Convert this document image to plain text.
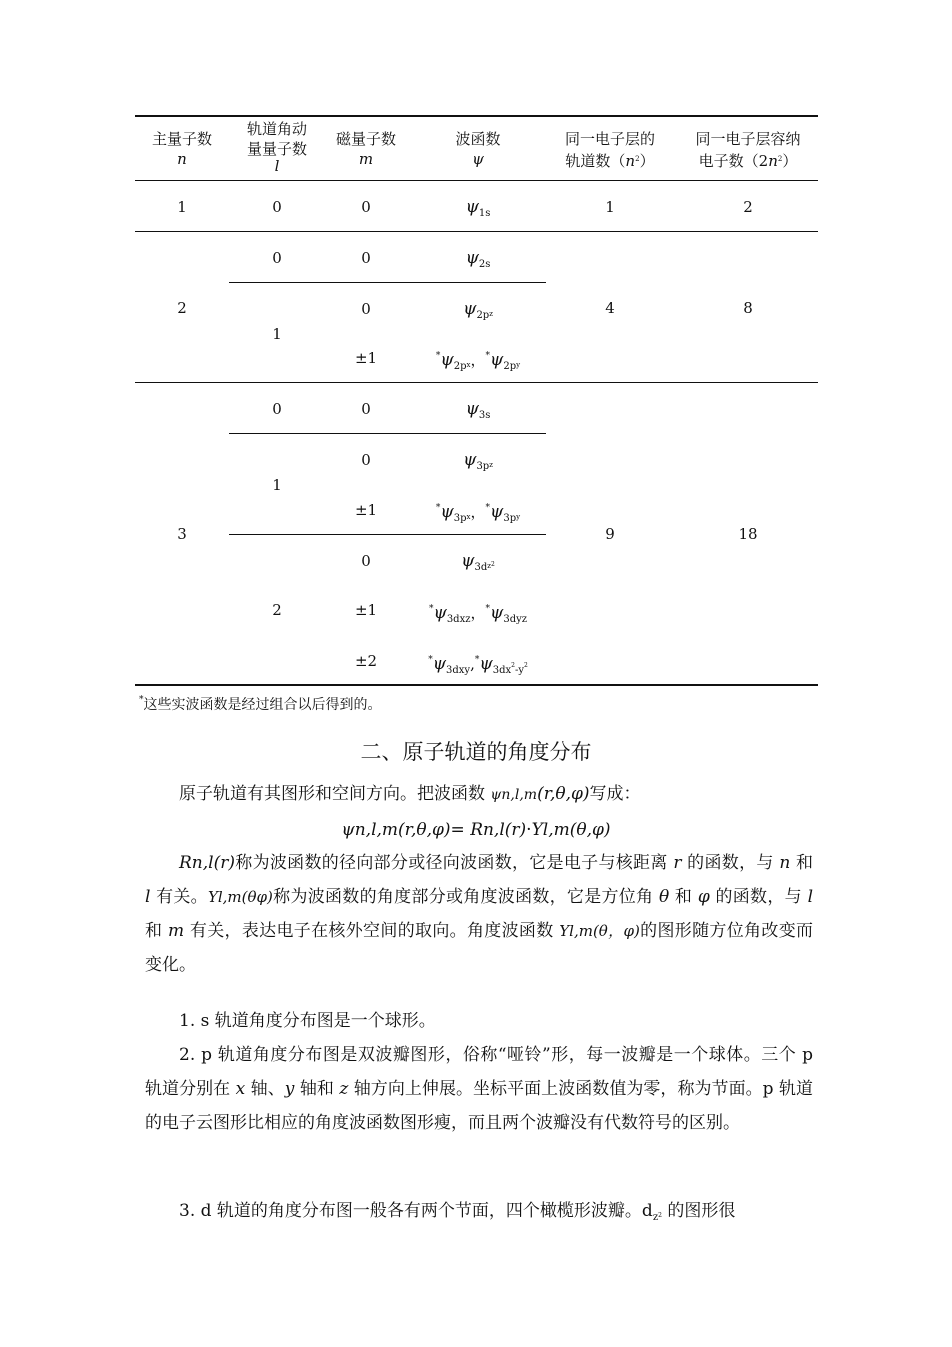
主量子数
n
轨道角动
量量子数
l
磁量子数
m
波函数
ψ
同一电子层的
轨道数$(n^2)$
同一电子层容纳
电子数$(2n^2)$
1
2
3
0
0
1
0
1
2
0
0
0
±1
0
0
±1
0
±1
±2
$\psi_{1s}$
$\psi_{2s}$
$\psi_{2pz}$
$^*\psi_{2px}$，$^*\psi_{2py}$
$\psi_{3s}$
$\psi_{3pz}$
$^*\psi_{3px}$，$^*\psi_{3py}$
$\psi_{3dz}2$
$^*\psi_{3dxz}$，$^*\psi_{3dyz}$
$^*\psi_{3dxy},^*\psi_{3dx}2_{-y}2$
1
4
9
2
8
18
*这些实波函数是经过组合以后得到的。
二、原子轨道的角度分布
原子轨道有其图形和空间方向。把波函数 ψn,l,m(r,θ,φ)写成：
ψn,l,m(r,θ,φ)= Rn,l(r)·Yl,m(θ,φ)
Rn,l(r)称为波函数的径向部分或径向波函数，它是电子与核距离 r 的函数，与 n 和 l 有关。Yl,m(θφ)称为波函数的角度部分或角度波函数，它是方位角 θ 和 φ 的函数，与 l 和 m 有关，表达电子在核外空间的取向。角度波函数 Yl,m(θ，φ)的图形随方位角改变而变化。
1. s 轨道角度分布图是一个球形。
2. p 轨道角度分布图是双波瓣图形，俗称“哑铃”形，每一波瓣是一个球体。三个 p 轨道分别在 x 轴、y 轴和 z 轴方向上伸展。坐标平面上波函数值为零，称为节面。p 轨道的电子云图形比相应的角度波函数图形瘦，而且两个波瓣没有代数符号的区别。
3. d 轨道的角度分布图一般各有两个节面，四个橄榄形波瓣。$d_z2$ 的图形很
